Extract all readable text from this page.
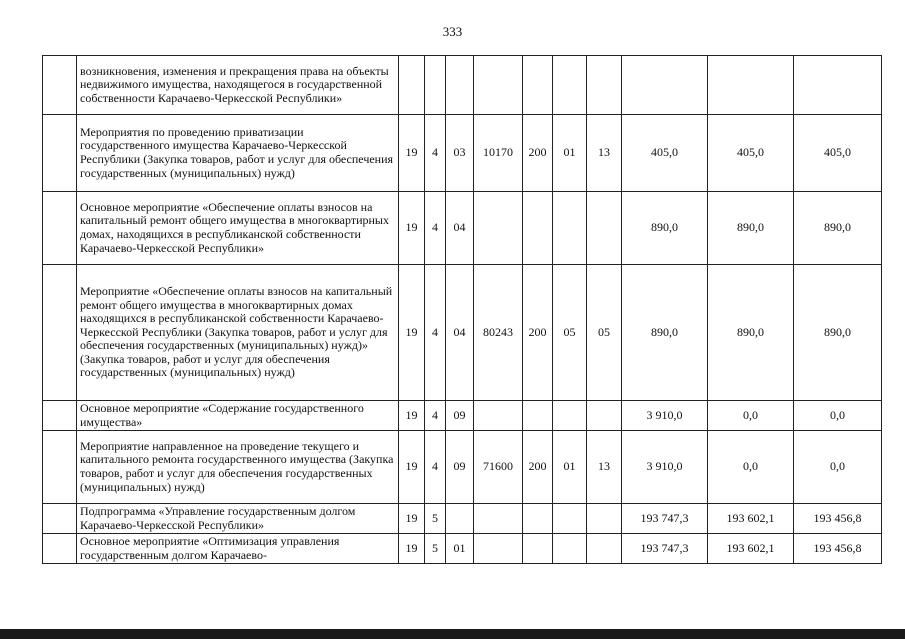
333
	возникновения, изменения и прекращения права на объекты недвижимого имущества, находящегося в государственной собственности Карачаево-Черкесской Республики»										
	Мероприятия по проведению приватизации государственного имущества Карачаево-Черкесской Республики (Закупка товаров, работ и услуг для обеспечения государственных (муниципальных) нужд)	19	4	03	10170	200	01	13	405,0	405,0	405,0
	Основное мероприятие «Обеспечение оплаты взносов на капитальный ремонт общего имущества в многоквартирных домах, находящихся в республиканской собственности Карачаево-Черкесской Республики»	19	4	04					890,0	890,0	890,0
	Мероприятие «Обеспечение оплаты взносов на капитальный ремонт общего имущества в многоквартирных домах находящихся в республиканской собственности Карачаево-Черкесской Республики (Закупка товаров, работ и услуг для обеспечения государственных (муниципальных) нужд)» (Закупка товаров, работ и услуг для обеспечения государственных (муниципальных) нужд)	19	4	04	80243	200	05	05	890,0	890,0	890,0
	Основное мероприятие «Содержание государственного имущества»	19	4	09					3 910,0	0,0	0,0
	Мероприятие направленное на проведение текущего и капитального ремонта государственного имущества (Закупка товаров, работ и услуг для обеспечения государственных (муниципальных) нужд)	19	4	09	71600	200	01	13	3 910,0	0,0	0,0
	Подпрограмма «Управление государственным долгом Карачаево-Черкесской Республики»	19	5						193 747,3	193 602,1	193 456,8
	Основное мероприятие «Оптимизация управления государственным долгом Карачаево-	19	5	01					193 747,3	193 602,1	193 456,8
